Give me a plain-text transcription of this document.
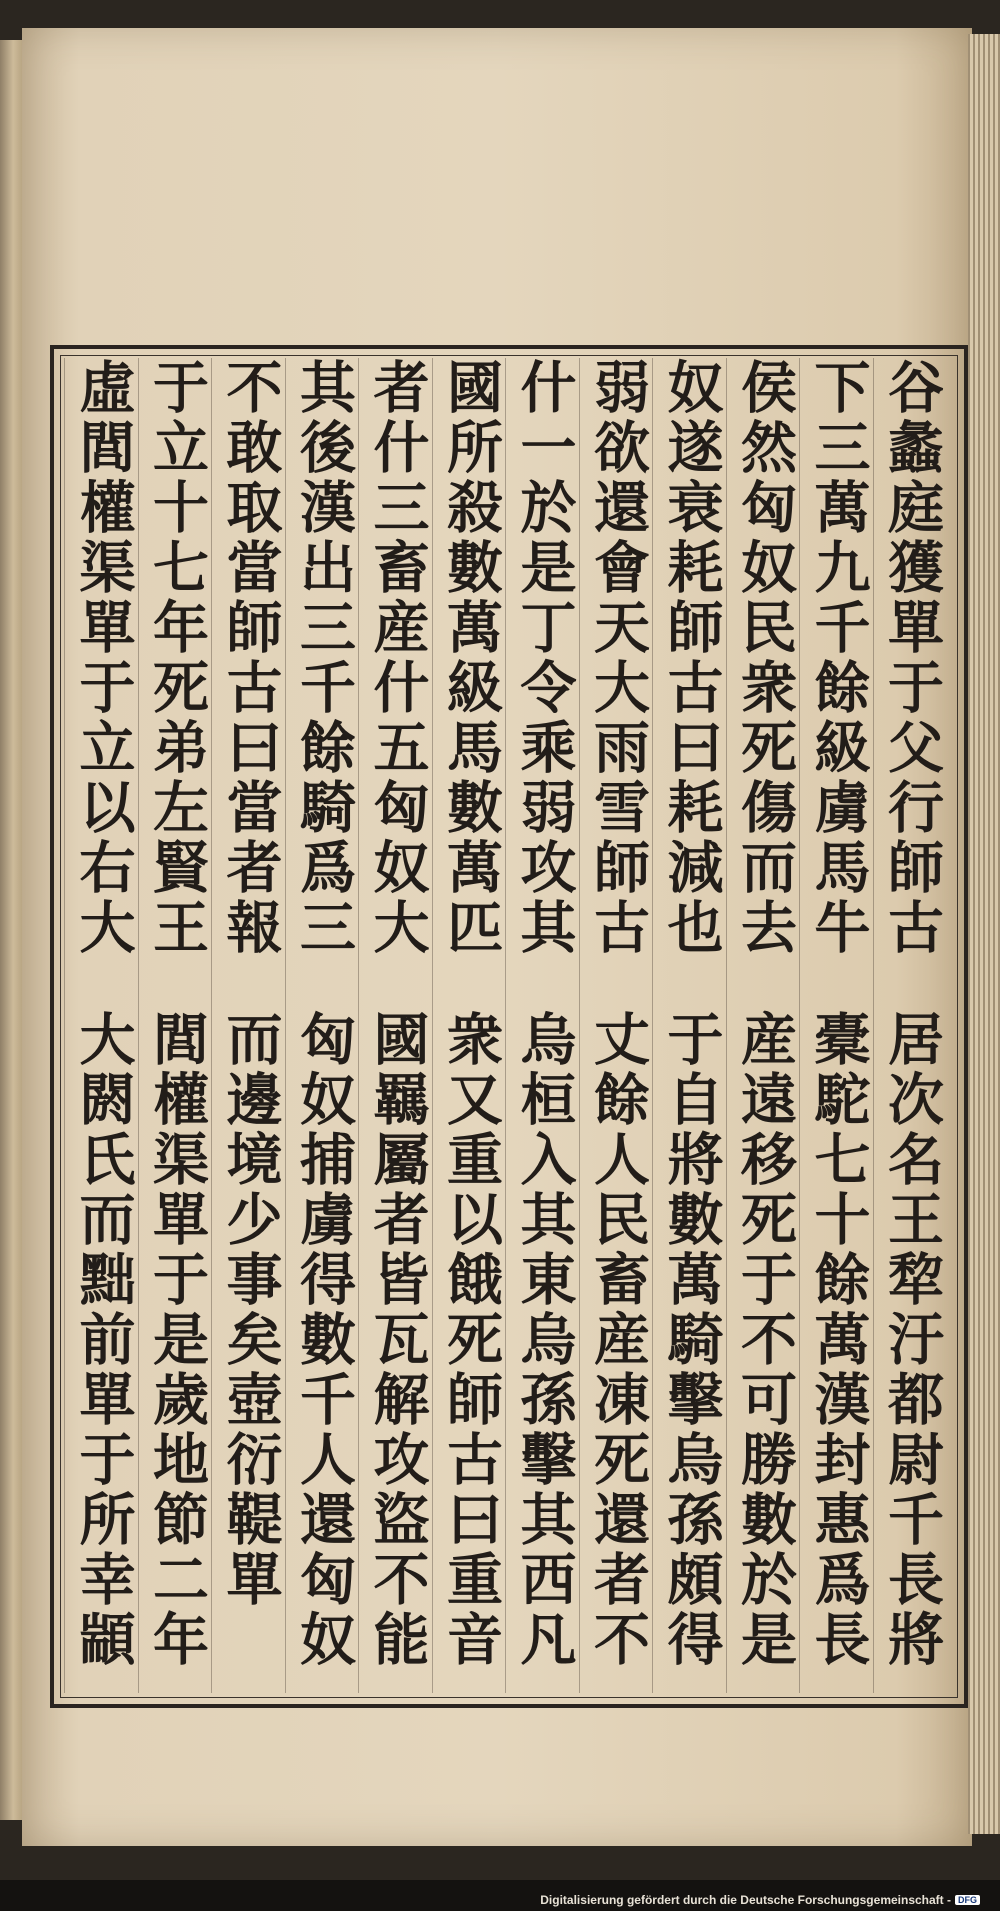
谷蠡庭獲單于父行師古
居次名王犂汙都尉千長將
下三萬九千餘級虜馬牛
橐駝七十餘萬漢封惠爲長
侯然匈奴民衆死傷而去
産遠移死于不可勝數於是
奴遂衰耗師古曰耗減也
于自將數萬騎擊烏孫頗得
弱欲還會天大雨雪師古
丈餘人民畜産凍死還者不
什一於是丁令乘弱攻其
烏桓入其東烏孫擊其西凡
國所殺數萬級馬數萬匹
衆又重以餓死師古曰重音
者什三畜産什五匈奴大
國羈屬者皆瓦解攻盜不能
其後漢出三千餘騎爲三
匈奴捕虜得數千人還匈奴
不敢取當師古曰當者報
而邊境少事矣壺衍鞮單
于立十七年死弟左賢王
閭權渠單于是歲地節二年
虛閭權渠單于立以右大
大閼氏而黜前單于所幸顓
Digitalisierung gefördert durch die Deutsche Forschungsgemeinschaft - DFG
